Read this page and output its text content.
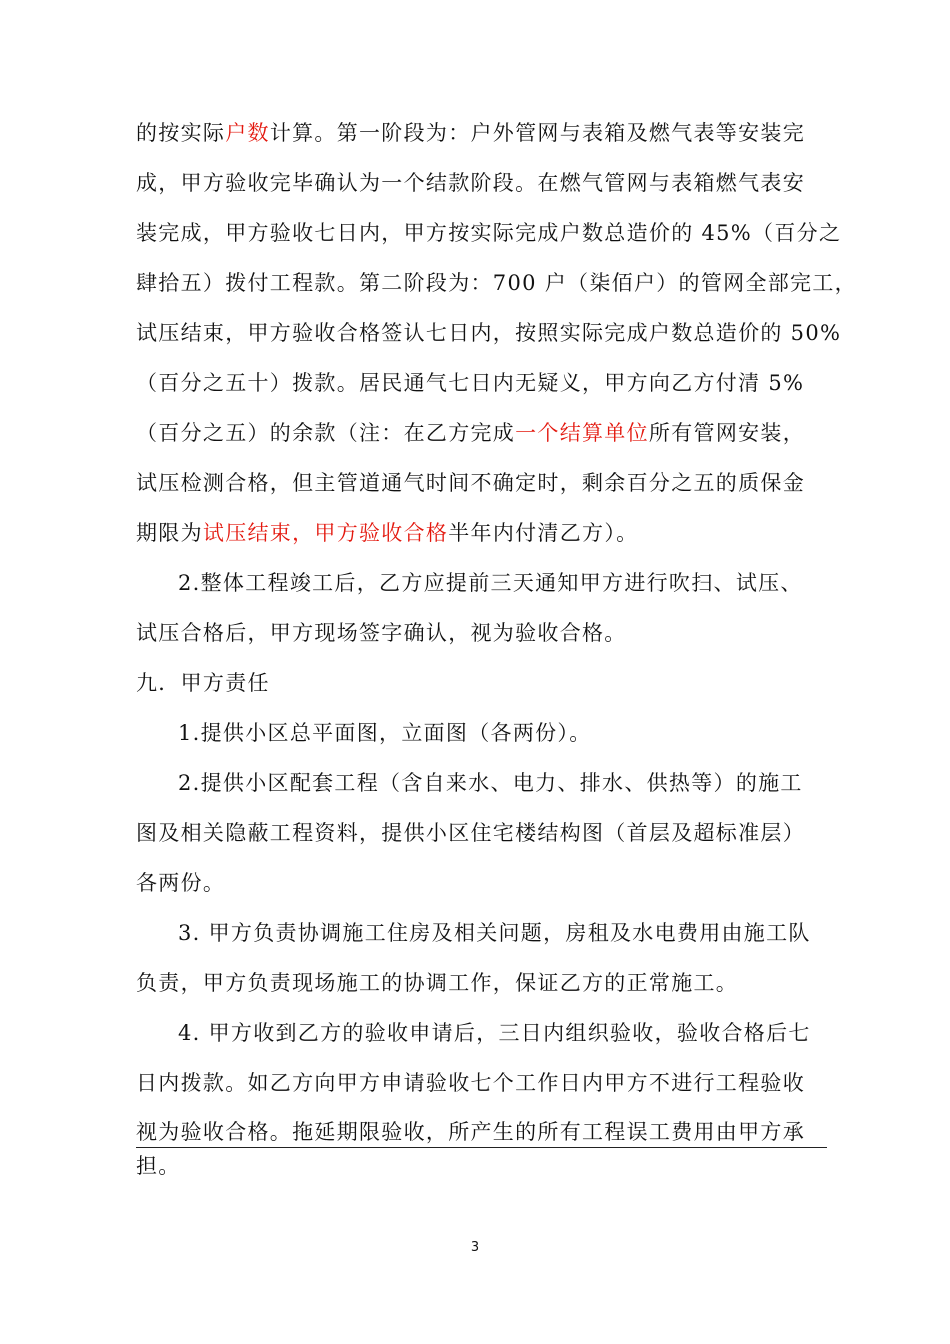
的按实际户数计算。第一阶段为：户外管网与表箱及燃气表等安装完
成，甲方验收完毕确认为一个结款阶段。在燃气管网与表箱燃气表安
装完成，甲方验收七日内，甲方按实际完成户数总造价的 45%（百分之
肆拾五）拨付工程款。第二阶段为：700 户（柒佰户）的管网全部完工，
试压结束，甲方验收合格签认七日内，按照实际完成户数总造价的 50%
（百分之五十）拨款。居民通气七日内无疑义，甲方向乙方付清 5%
（百分之五）的余款（注：在乙方完成一个结算单位所有管网安装，
试压检测合格，但主管道通气时间不确定时，剩余百分之五的质保金
期限为试压结束，甲方验收合格半年内付清乙方）。
2.整体工程竣工后，乙方应提前三天通知甲方进行吹扫、试压、
试压合格后，甲方现场签字确认，视为验收合格。
九．甲方责任
1.提供小区总平面图，立面图（各两份）。
2.提供小区配套工程（含自来水、电力、排水、供热等）的施工
图及相关隐蔽工程资料，提供小区住宅楼结构图（首层及超标准层）
各两份。
3. 甲方负责协调施工住房及相关问题，房租及水电费用由施工队
负责，甲方负责现场施工的协调工作，保证乙方的正常施工。
4. 甲方收到乙方的验收申请后，三日内组织验收，验收合格后七
日内拨款。如乙方向甲方申请验收七个工作日内甲方不进行工程验收
视为验收合格。拖延期限验收，所产生的所有工程误工费用由甲方承
担。
3
